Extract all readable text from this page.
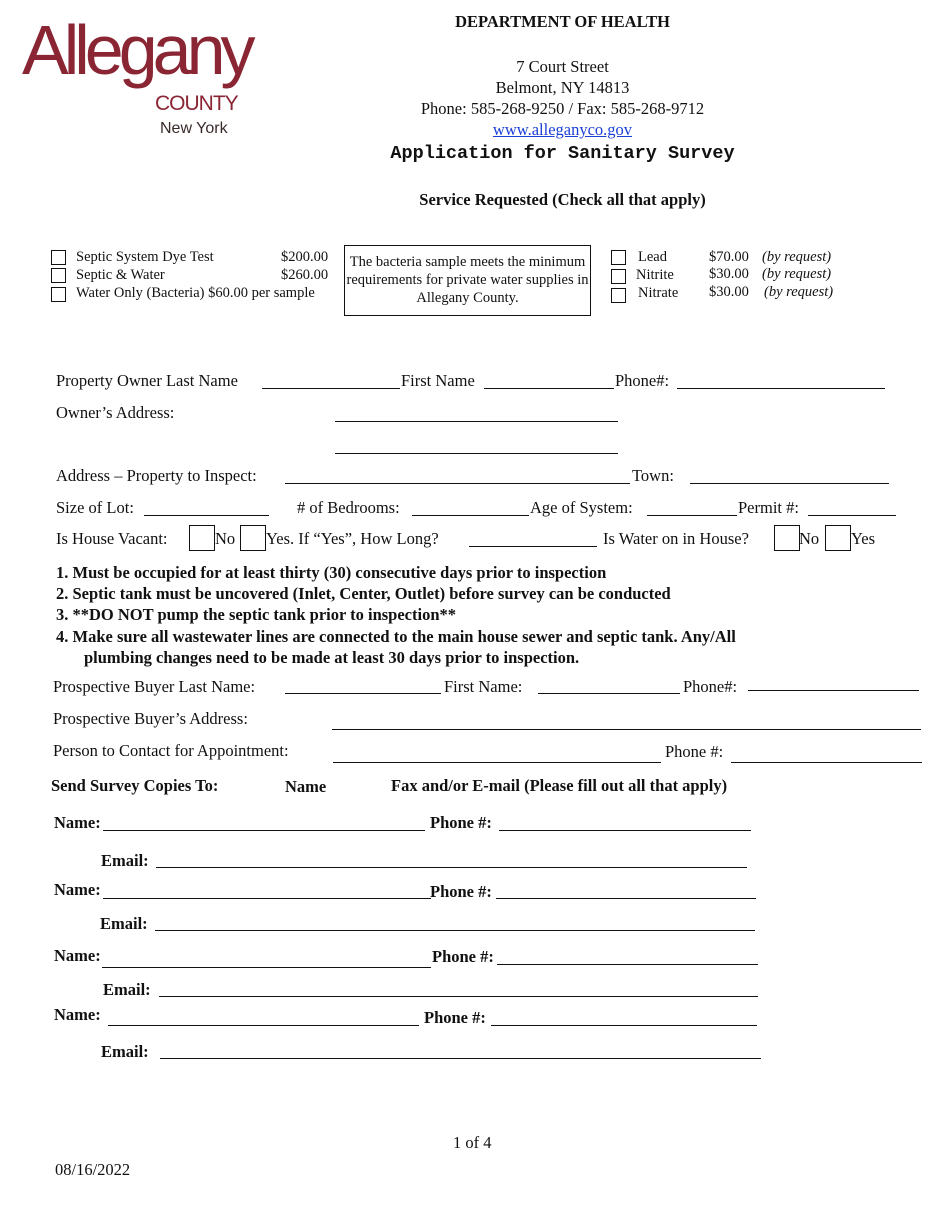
Allegany
COUNTY
New York
DEPARTMENT OF HEALTH
7 Court Street
Belmont, NY 14813
Phone: 585-268-9250 / Fax: 585-268-9712
www.alleganyco.gov
Application for Sanitary Survey
Service Requested (Check all that apply)
Septic System Dye Test	$200.00
Septic & Water	$260.00
Water Only (Bacteria) $60.00 per sample
The bacteria sample meets the minimum requirements for private water supplies in Allegany County.
Lead	$70.00 (by request)
Nitrite $30.00 (by request)
Nitrate $30.00 (by request)
Property Owner Last Name	First Name	Phone#:
Owner’s Address:
Address – Property to Inspect:	Town:
Size of Lot:	# of Bedrooms:	Age of System:	Permit #:
Is House Vacant:	No Yes. If “Yes”, How Long?	Is Water on in House?	No Yes
1. Must be occupied for at least thirty (30) consecutive days prior to inspection
2. Septic tank must be uncovered (Inlet, Center, Outlet) before survey can be conducted
3. **DO NOT pump the septic tank prior to inspection**
4. Make sure all wastewater lines are connected to the main house sewer and septic tank. Any/All
plumbing changes need to be made at least 30 days prior to inspection.
Prospective Buyer Last Name:	First Name:	Phone#:
Prospective Buyer’s Address:
Person to Contact for Appointment:	Phone #:
Send Survey Copies To:	Name	Fax and/or E-mail (Please fill out all that apply)
Name:	Phone #:
Email:
Name:	Phone #:
Email:
Name:	Phone #:
Email:
Name:	Phone #:
Email:
1 of 4
08/16/2022
